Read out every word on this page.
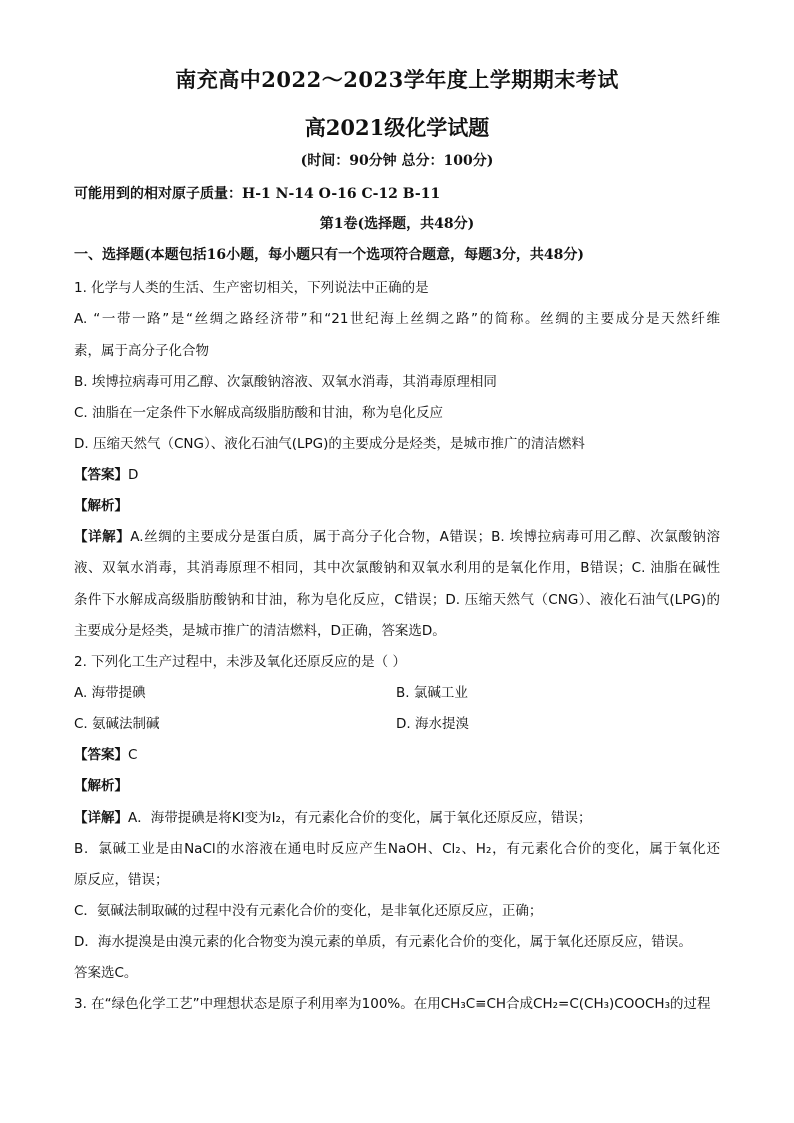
南充高中2022～2023学年度上学期期末考试
高2021级化学试题
(时间：90分钟 总分：100分)
可能用到的相对原子质量：H-1 N-14 O-16 C-12 B-11
第1卷(选择题，共48分)
一、选择题(本题包括16小题，每小题只有一个选项符合题意，每题3分，共48分)
1. 化学与人类的生活、生产密切相关，下列说法中正确的是
A. “一带一路”是“丝绸之路经济带”和“21世纪海上丝绸之路”的简称。丝绸的主要成分是天然纤维
素，属于高分子化合物
B. 埃博拉病毒可用乙醇、次氯酸钠溶液、双氧水消毒，其消毒原理相同
C. 油脂在一定条件下水解成高级脂肪酸和甘油，称为皂化反应
D. 压缩天然气（CNG）、液化石油气(LPG)的主要成分是烃类，是城市推广的清洁燃料
【答案】D
【解析】
【详解】A.丝绸的主要成分是蛋白质，属于高分子化合物，A错误；B. 埃博拉病毒可用乙醇、次氯酸钠溶
液、双氧水消毒，其消毒原理不相同，其中次氯酸钠和双氧水利用的是氧化作用，B错误；C. 油脂在碱性
条件下水解成高级脂肪酸钠和甘油，称为皂化反应，C错误；D. 压缩天然气（CNG）、液化石油气(LPG)的
主要成分是烃类，是城市推广的清洁燃料，D正确，答案选D。
2. 下列化工生产过程中，未涉及氧化还原反应的是（ ）
A. 海带提碘	B. 氯碱工业
C. 氨碱法制碱	D. 海水提溴
【答案】C
【解析】
【详解】A．海带提碘是将KI变为I₂，有元素化合价的变化，属于氧化还原反应，错误；
B．氯碱工业是由NaCl的水溶液在通电时反应产生NaOH、Cl₂、H₂，有元素化合价的变化，属于氧化还
原反应，错误；
C．氨碱法制取碱的过程中没有元素化合价的变化，是非氧化还原反应，正确；
D．海水提溴是由溴元素的化合物变为溴元素的单质，有元素化合价的变化，属于氧化还原反应，错误。
答案选C。
3. 在“绿色化学工艺”中理想状态是原子利用率为100%。在用CH₃C≡CH合成CH₂=C(CH₃)COOCH₃的过程
